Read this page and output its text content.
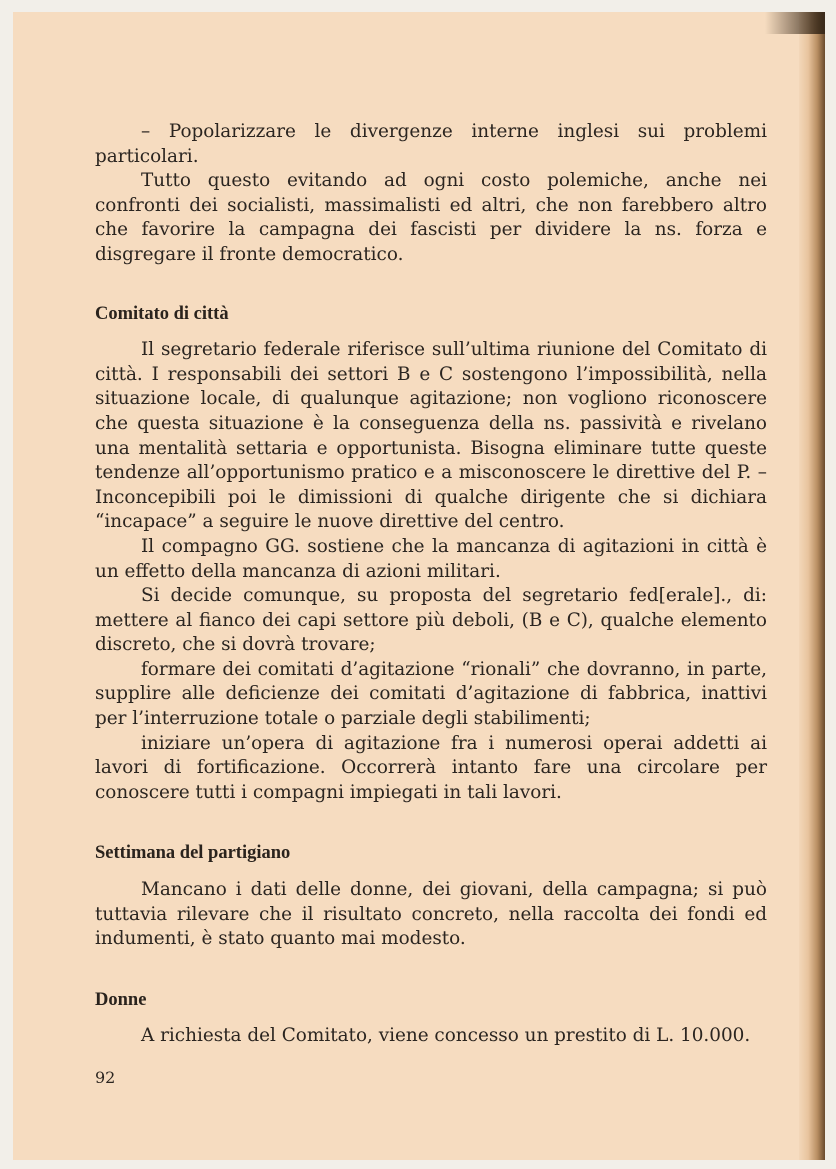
– Popolarizzare le divergenze interne inglesi sui problemi particolari.

Tutto questo evitando ad ogni costo polemiche, anche nei confronti dei socialisti, massimalisti ed altri, che non farebbero altro che favorire la campagna dei fascisti per dividere la ns. forza e disgregare il fronte democratico.

Comitato di città

Il segretario federale riferisce sull’ultima riunione del Comitato di città. I responsabili dei settori B e C sostengono l’impossibilità, nella situazione locale, di qualunque agitazione; non vogliono riconoscere che questa situazione è la conseguenza della ns. passività e rivelano una mentalità settaria e opportunista. Bisogna eliminare tutte queste tendenze all’opportunismo pratico e a misconoscere le direttive del P. – Inconcepibili poi le dimissioni di qualche dirigente che si dichiara “incapace” a seguire le nuove direttive del centro.

Il compagno GG. sostiene che la mancanza di agitazioni in città è un effetto della mancanza di azioni militari.

Si decide comunque, su proposta del segretario fed[erale]., di: mettere al fianco dei capi settore più deboli, (B e C), qualche elemento discreto, che si dovrà trovare;

formare dei comitati d’agitazione “rionali” che dovranno, in parte, supplire alle deficienze dei comitati d’agitazione di fabbrica, inattivi per l’interruzione totale o parziale degli stabilimenti;

iniziare un’opera di agitazione fra i numerosi operai addetti ai lavori di fortificazione. Occorrerà intanto fare una circolare per conoscere tutti i compagni impiegati in tali lavori.

Settimana del partigiano

Mancano i dati delle donne, dei giovani, della campagna; si può tuttavia rilevare che il risultato concreto, nella raccolta dei fondi ed indumenti, è stato quanto mai modesto.

Donne

A richiesta del Comitato, viene concesso un prestito di L. 10.000.

92
